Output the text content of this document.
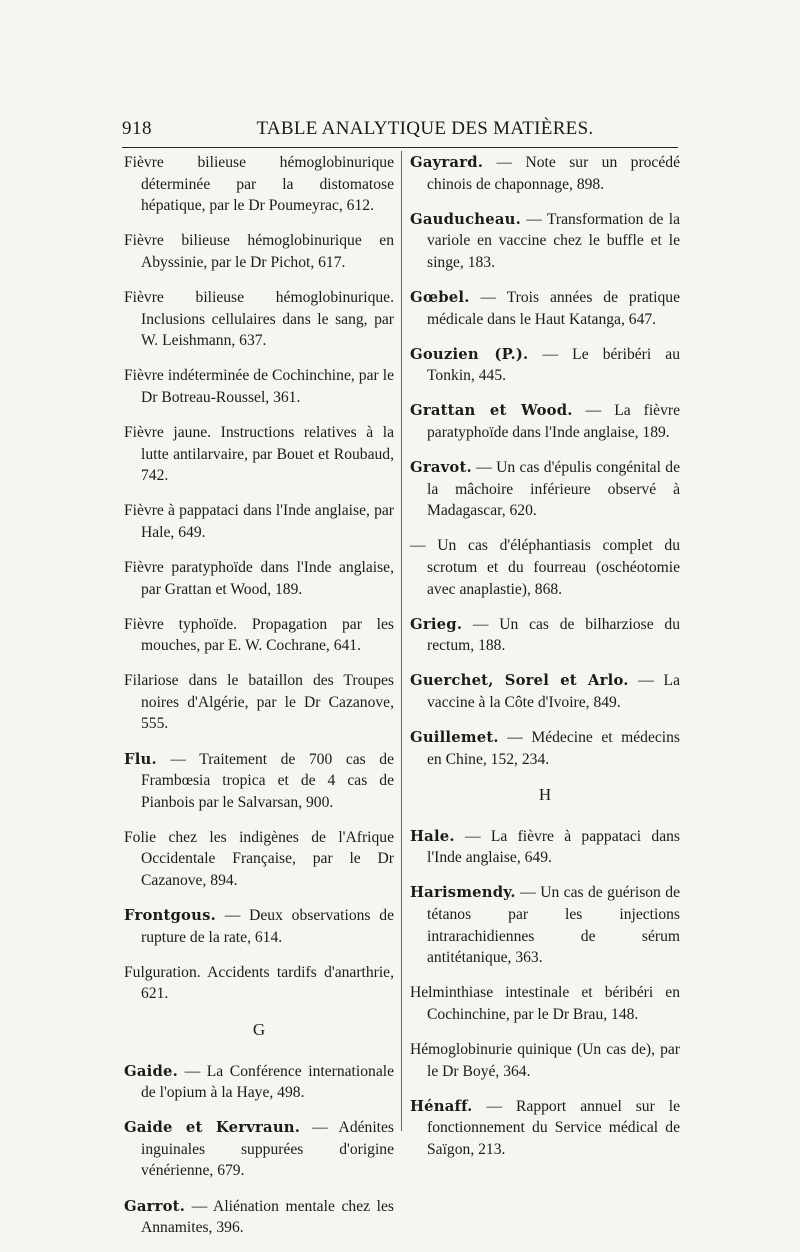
918	TABLE ANALYTIQUE DES MATIÈRES.
Fièvre bilieuse hémoglobinurique déterminée par la distomatose hépatique, par le Dr Poumeyrac, 612.
Fièvre bilieuse hémoglobinurique en Abyssinie, par le Dr Pichot, 617.
Fièvre bilieuse hémoglobinurique. Inclusions cellulaires dans le sang, par W. Leishmann, 637.
Fièvre indéterminée de Cochinchine, par le Dr Botreau-Roussel, 361.
Fièvre jaune. Instructions relatives à la lutte antilarvaire, par Bouet et Roubaud, 742.
Fièvre à pappataci dans l'Inde anglaise, par Hale, 649.
Fièvre paratyphoïde dans l'Inde anglaise, par Grattan et Wood, 189.
Fièvre typhoïde. Propagation par les mouches, par E. W. Cochrane, 641.
Filariose dans le bataillon des Troupes noires d'Algérie, par le Dr Cazanove, 555.
Flu. — Traitement de 700 cas de Frambœsia tropica et de 4 cas de Pianbois par le Salvarsan, 900.
Folie chez les indigènes de l'Afrique Occidentale Française, par le Dr Cazanove, 894.
Frontgous. — Deux observations de rupture de la rate, 614.
Fulguration. Accidents tardifs d'anarthrie, 621.
G
Gaide. — La Conférence internationale de l'opium à la Haye, 498.
Gaide et Kervraun. — Adénites inguinales suppurées d'origine vénérienne, 679.
Garrot. — Aliénation mentale chez les Annamites, 396.
Gayrard. — Note sur un procédé chinois de chaponnage, 898.
Gauducheau. — Transformation de la variole en vaccine chez le buffle et le singe, 183.
Gœbel. — Trois années de pratique médicale dans le Haut Katanga, 647.
Gouzien (P.). — Le béribéri au Tonkin, 445.
Grattan et Wood. — La fièvre paratyphoïde dans l'Inde anglaise, 189.
Gravot. — Un cas d'épulis congénital de la mâchoire inférieure observé à Madagascar, 620.
— Un cas d'éléphantiasis complet du scrotum et du fourreau (oschéotomie avec anaplastie), 868.
Grieg. — Un cas de bilharziose du rectum, 188.
Guerchet, Sorel et Arlo. — La vaccine à la Côte d'Ivoire, 849.
Guillemet. — Médecine et médecins en Chine, 152, 234.
H
Hale. — La fièvre à pappataci dans l'Inde anglaise, 649.
Harismendy. — Un cas de guérison de tétanos par les injections intrarachidiennes de sérum antitétanique, 363.
Helminthiase intestinale et béribéri en Cochinchine, par le Dr Brau, 148.
Hémoglobinurie quinique (Un cas de), par le Dr Boyé, 364.
Hénaff. — Rapport annuel sur le fonctionnement du Service médical de Saïgon, 213.
